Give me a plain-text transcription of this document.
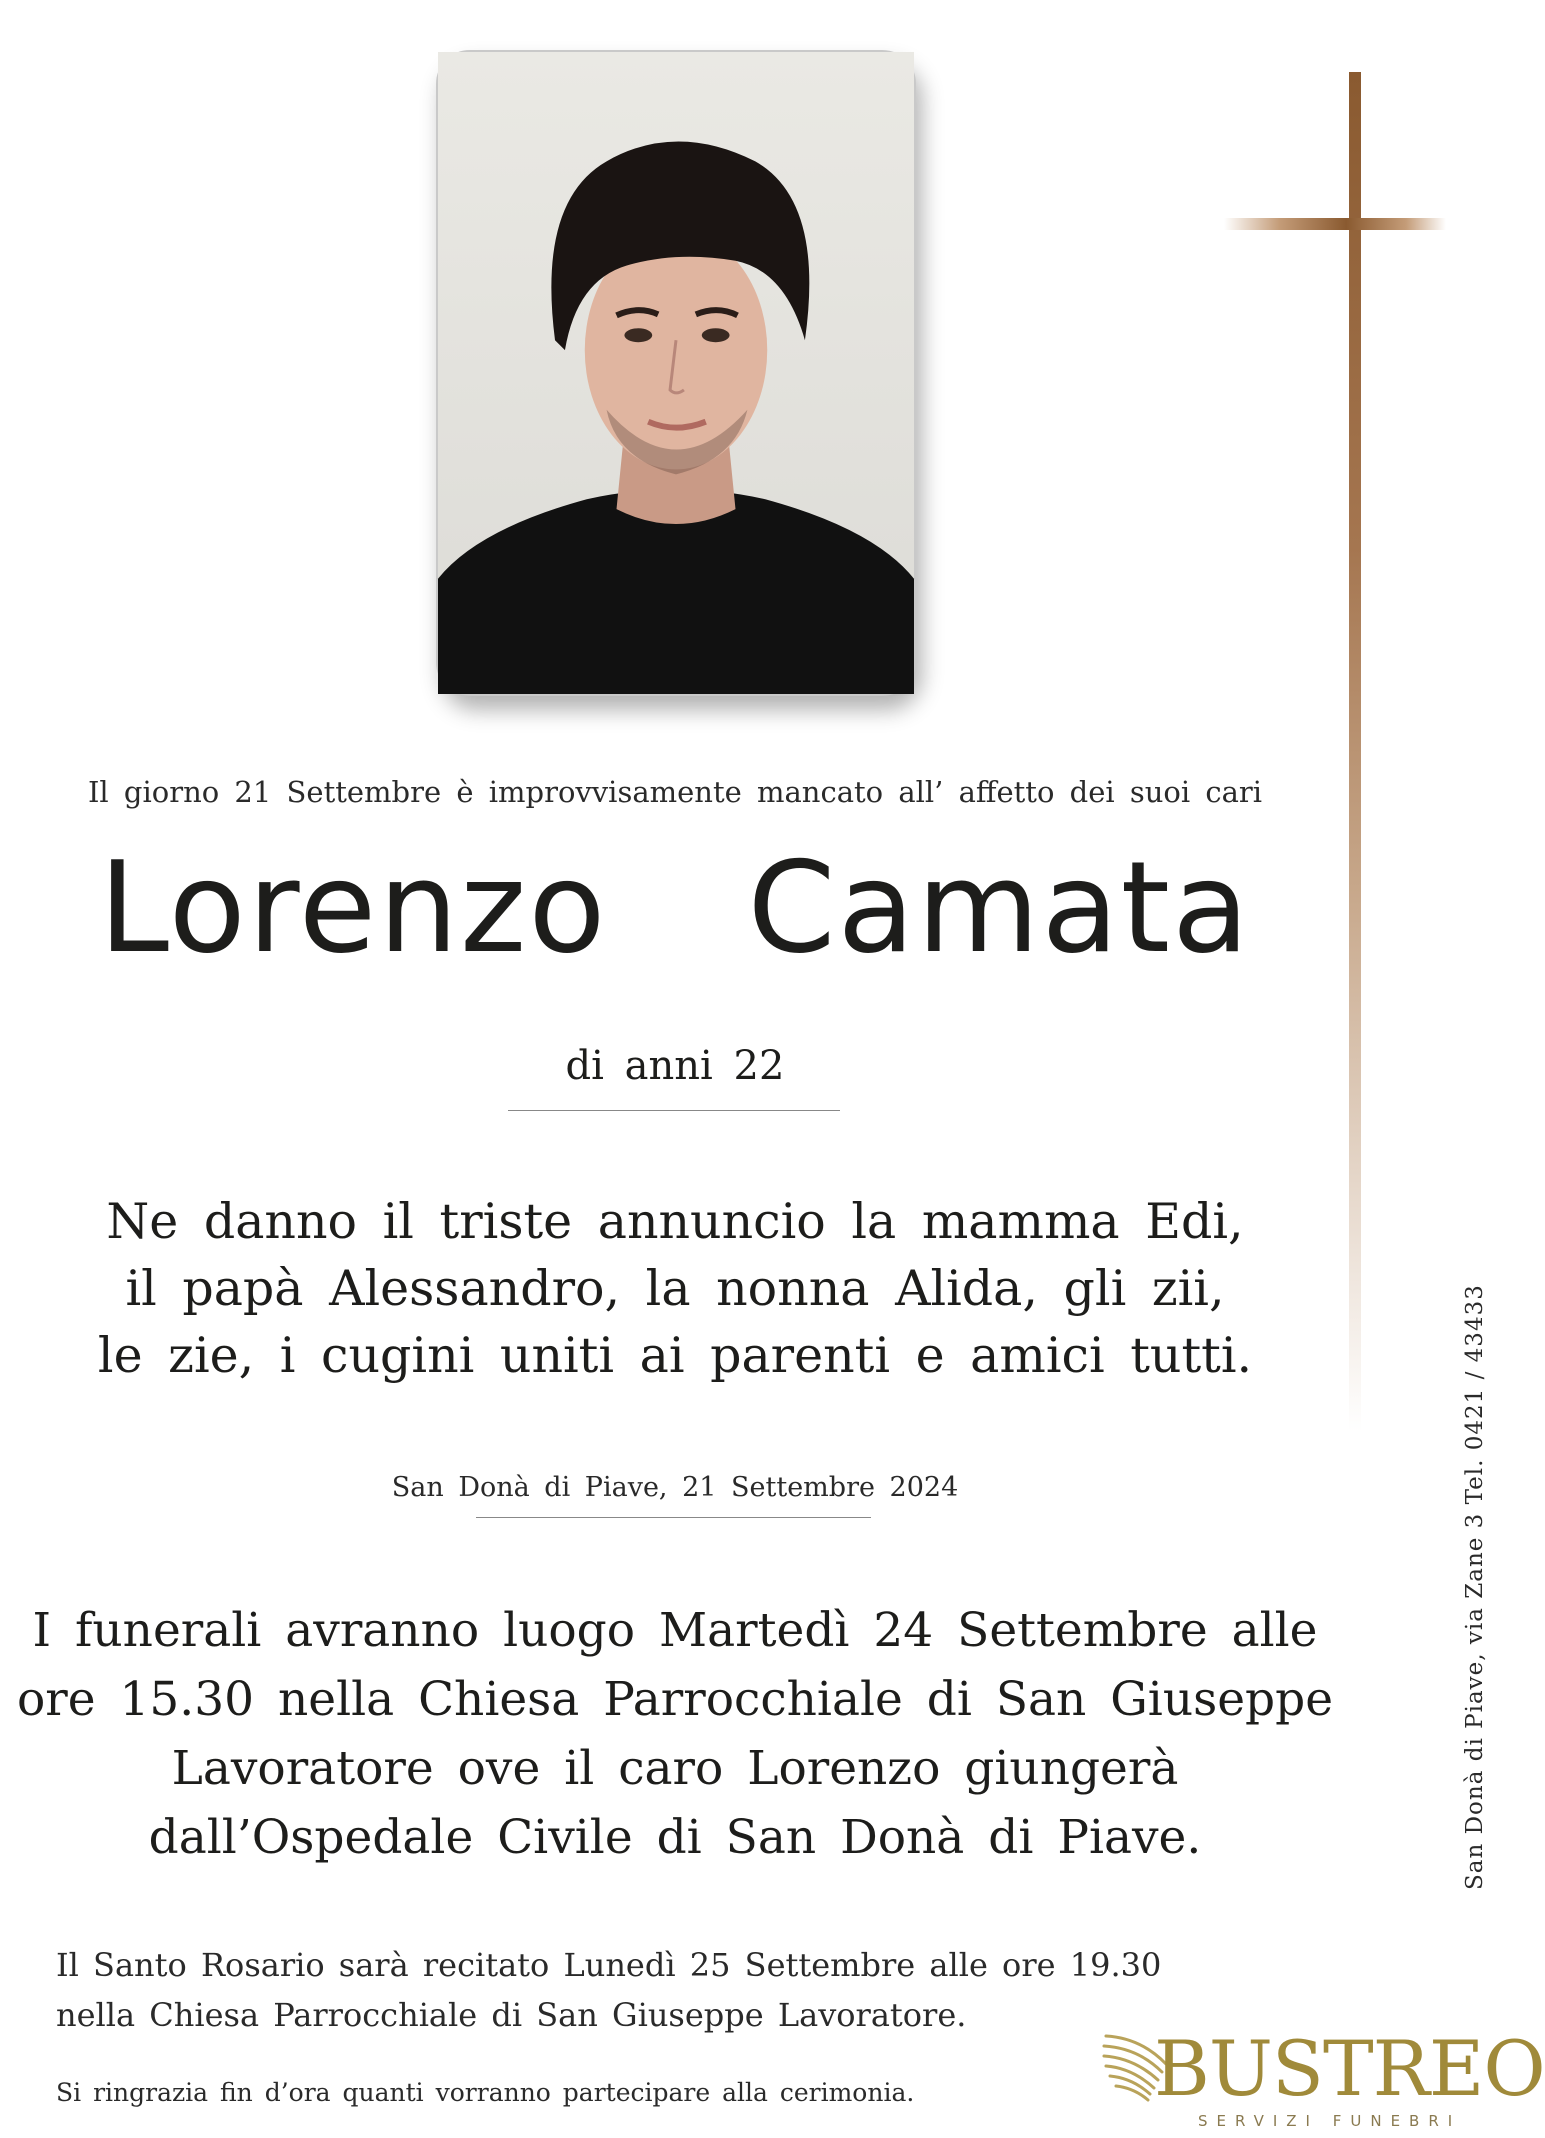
San Donà di Piave, via Zane 3 Tel. 0421 / 43433
Il giorno 21 Settembre è improvvisamente mancato all’ affetto dei suoi cari
Lorenzo  Camata
di anni 22
Ne danno il triste annuncio la mamma Edi,
il papà Alessandro, la nonna Alida, gli zii,
le zie, i cugini uniti ai parenti e amici tutti.
San Donà di Piave, 21 Settembre 2024
I funerali avranno luogo Martedì 24 Settembre alle
ore 15.30 nella Chiesa Parrocchiale di San Giuseppe
Lavoratore ove il caro Lorenzo giungerà
dall’Ospedale Civile di San Donà di Piave.
Il Santo Rosario sarà recitato Lunedì 25 Settembre alle ore 19.30
nella Chiesa Parrocchiale di San Giuseppe Lavoratore.
Si ringrazia fin d’ora quanti vorranno partecipare alla cerimonia.	BUSTREO
SERVIZI FUNEBRI
